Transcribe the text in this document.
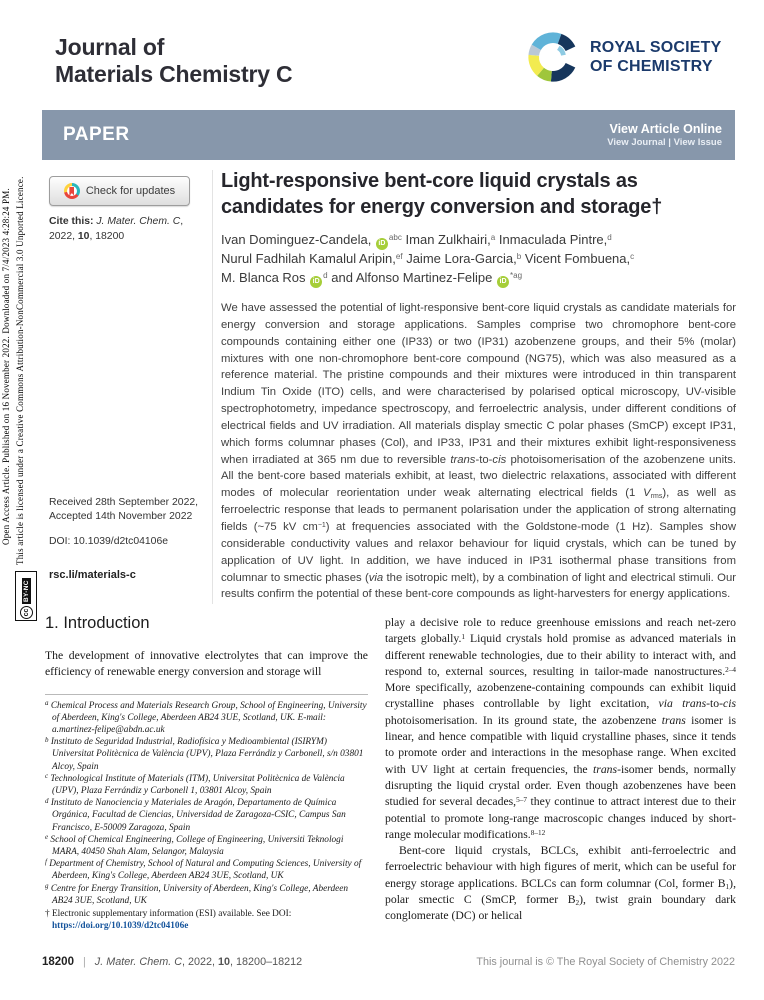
Open Access Article. Published on 16 November 2022. Downloaded on 7/4/2023 4:28:24 PM. This article is licensed under a Creative Commons Attribution-NonCommercial 3.0 Unported Licence.
cc
BY-NC
Journal of
Materials Chemistry C
ROYAL SOCIETY
OF CHEMISTRY
PAPER	View Article Online
View Journal | View Issue
Check for updates
Cite this: J. Mater. Chem. C, 2022, 10, 18200
Received 28th September 2022,
Accepted 14th November 2022
DOI: 10.1039/d2tc04106e
rsc.li/materials-c
Light-responsive bent-core liquid crystals as candidates for energy conversion and storage†
Ivan Dominguez-Candela, $iD^{abc}$ Iman Zulkhairi,$^a$ Inmaculada Pintre,$^d$
Nurul Fadhilah Kamalul Aripin,$^{ef}$ Jaime Lora-Garcia,$^b$ Vicent Fombuena,$^c$
M. Blanca Ros $iD^d$ and Alfonso Martinez-Felipe $iD^{*ag}$
We have assessed the potential of light-responsive bent-core liquid crystals as candidate materials for energy conversion and storage applications. Samples comprise two chromophore bent-core compounds containing either one (IP33) or two (IP31) azobenzene groups, and their 5% (molar) mixtures with one non-chromophore bent-core compound (NG75), which was also measured as a reference material. The pristine compounds and their mixtures were introduced in thin transparent Indium Tin Oxide (ITO) cells, and were characterised by polarised optical microscopy, UV-visible spectrophotometry, impedance spectroscopy, and ferroelectric analysis, under different conditions of electrical fields and UV irradiation. All materials display smectic C polar phases (SmCP) except IP31, which forms columnar phases (Col), and IP33, IP31 and their mixtures exhibit light-responsiveness when irradiated at 365 nm due to reversible trans-to-cis photoisomerisation of the azobenzene units. All the bent-core based materials exhibit, at least, two dielectric relaxations, associated with different modes of molecular reorientation under weak alternating electrical fields (1 $V_{rms}$), as well as ferroelectric response that leads to permanent polarisation under the application of strong alternating fields (~75 kV $cm^{-1}$) at frequencies associated with the Goldstone-mode (1 Hz). Samples show considerable conductivity values and relaxor behaviour for liquid crystals, which can be tuned by application of UV light. In addition, we have induced in IP31 isothermal phase transitions from columnar to smectic phases (via the isotropic melt), by a combination of light and electrical stimuli. Our results confirm the potential of these bent-core compounds as light-harvesters for energy applications.
1. Introduction

The development of innovative electrolytes that can improve the efficiency of renewable energy conversion and storage will

$^a$ Chemical Process and Materials Research Group, School of Engineering, University of Aberdeen, King's College, Aberdeen AB24 3UE, Scotland, UK. E-mail: a.martinez-felipe@abdn.ac.uk
$^b$ Instituto de Seguridad Industrial, Radiofísica y Medioambiental (ISIRYM) Universitat Politècnica de València (UPV), Plaza Ferrándiz y Carbonell, s/n 03801 Alcoy, Spain
$^c$ Technological Institute of Materials (ITM), Universitat Politècnica de València (UPV), Plaza Ferrándiz y Carbonell 1, 03801 Alcoy, Spain
$^d$ Instituto de Nanociencia y Materiales de Aragón, Departamento de Química Orgánica, Facultad de Ciencias, Universidad de Zaragoza-CSIC, Campus San Francisco, E-50009 Zaragoza, Spain
$^e$ School of Chemical Engineering, College of Engineering, Universiti Teknologi MARA, 40450 Shah Alam, Selangor, Malaysia
$^f$ Department of Chemistry, School of Natural and Computing Sciences, University of Aberdeen, King's College, Aberdeen AB24 3UE, Scotland, UK
$^g$ Centre for Energy Transition, University of Aberdeen, King's College, Aberdeen AB24 3UE, Scotland, UK
† Electronic supplementary information (ESI) available. See DOI: https://doi.org/10.1039/d2tc04106e

play a decisive role to reduce greenhouse emissions and reach net-zero targets globally.$^1$ Liquid crystals hold promise as advanced materials in different renewable technologies, due to their ability to interact with, and respond to, external sources, resulting in tailor-made nanostructures.$^{2-4}$ More specifically, azobenzene-containing compounds can exhibit liquid crystalline phases controllable by light excitation, via trans-to-cis photoisomerisation. In its ground state, the azobenzene trans isomer is linear, and hence compatible with liquid crystalline phases, since it tends to promote order and interactions in the mesophase range. When excited with UV light at certain frequencies, the trans-isomer bends, normally disrupting the liquid crystal order. Even though azobenzenes have been studied for several decades,$^{5-7}$ they continue to attract interest due to their potential to promote long-range macroscopic changes induced by short-range molecular modifications.$^{8-12}$

Bent-core liquid crystals, BCLCs, exhibit anti-ferroelectric and ferroelectric behaviour with high figures of merit, which can be useful for energy storage applications. BCLCs can form columnar (Col, former $B_1$), polar smectic C (SmCP, former $B_2$), twist grain boundary dark conglomerate (DC) or helical

18200 | J. Mater. Chem. C, 2022, 10, 18200–18212	This journal is © The Royal Society of Chemistry 2022
